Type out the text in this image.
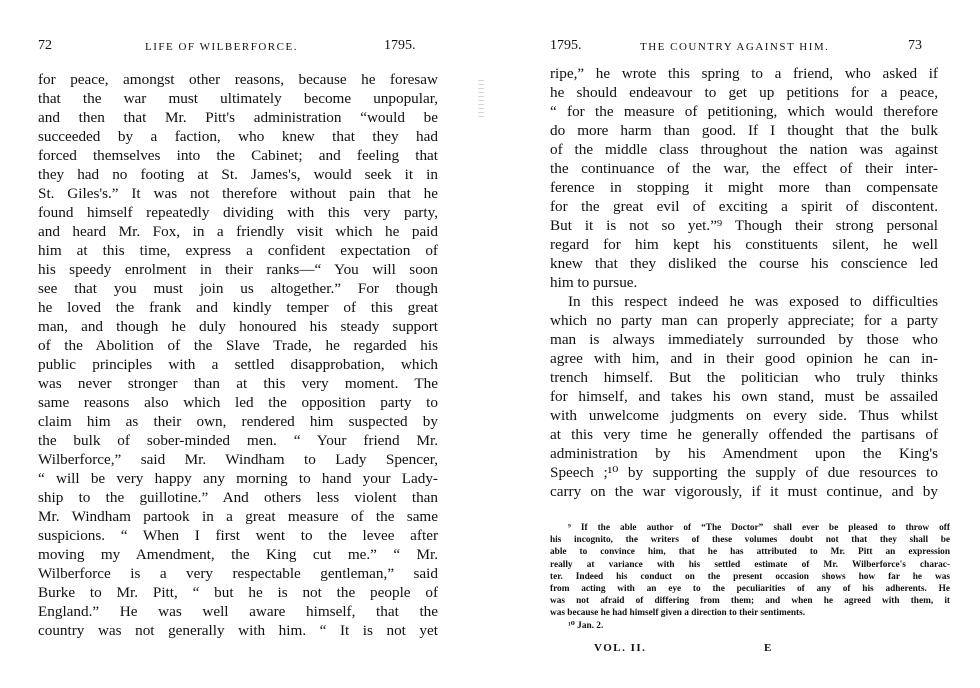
72	LIFE OF WILBERFORCE.	1795.
for peace, amongst other reasons, because he foresaw
that the war must ultimately become unpopular,
and then that Mr. Pitt's administration “would be
succeeded by a faction, who knew that they had
forced themselves into the Cabinet; and feeling that
they had no footing at St. James's, would seek it in
St. Giles's.” It was not therefore without pain that he
found himself repeatedly dividing with this very party,
and heard Mr. Fox, in a friendly visit which he paid
him at this time, express a confident expectation of
his speedy enrolment in their ranks—“ You will soon
see that you must join us altogether.” For though
he loved the frank and kindly temper of this great
man, and though he duly honoured his steady support
of the Abolition of the Slave Trade, he regarded his
public principles with a settled disapprobation, which
was never stronger than at this very moment. The
same reasons also which led the opposition party to
claim him as their own, rendered him suspected by
the bulk of sober-minded men. “ Your friend Mr.
Wilberforce,” said Mr. Windham to Lady Spencer,
“ will be very happy any morning to hand your Lady-
ship to the guillotine.” And others less violent than
Mr. Windham partook in a great measure of the same
suspicions. “ When I first went to the levee after
moving my Amendment, the King cut me.” “ Mr.
Wilberforce is a very respectable gentleman,” said
Burke to Mr. Pitt, “ but he is not the people of
England.” He was well aware himself, that the
country was not generally with him. “ It is not yet
1795.	THE COUNTRY AGAINST HIM.	73
ripe,” he wrote this spring to a friend, who asked if
he should endeavour to get up petitions for a peace,
“ for the measure of petitioning, which would therefore
do more harm than good. If I thought that the bulk
of the middle class throughout the nation was against
the continuance of the war, the effect of their inter-
ference in stopping it might more than compensate
for the great evil of exciting a spirit of discontent.
But it is not so yet.”⁹ Though their strong personal
regard for him kept his constituents silent, he well
knew that they disliked the course his conscience led
him to pursue.
In this respect indeed he was exposed to difficulties
which no party man can properly appreciate; for a party
man is always immediately surrounded by those who
agree with him, and in their good opinion he can in-
trench himself. But the politician who truly thinks
for himself, and takes his own stand, must be assailed
with unwelcome judgments on every side. Thus whilst
at this very time he generally offended the partisans of
administration by his Amendment upon the King's
Speech ;¹⁰ by supporting the supply of due resources to
carry on the war vigorously, if it must continue, and by
⁹ If the able author of “The Doctor” shall ever be pleased to throw off
his incognito, the writers of these volumes doubt not that they shall be
able to convince him, that he has attributed to Mr. Pitt an expression
really at variance with his settled estimate of Mr. Wilberforce's charac-
ter. Indeed his conduct on the present occasion shows how far he was
from acting with an eye to the peculiarities of any of his adherents. He
was not afraid of differing from them; and when he agreed with them, it
was because he had himself given a direction to their sentiments.
¹⁰ Jan. 2.
VOL. II.	E
